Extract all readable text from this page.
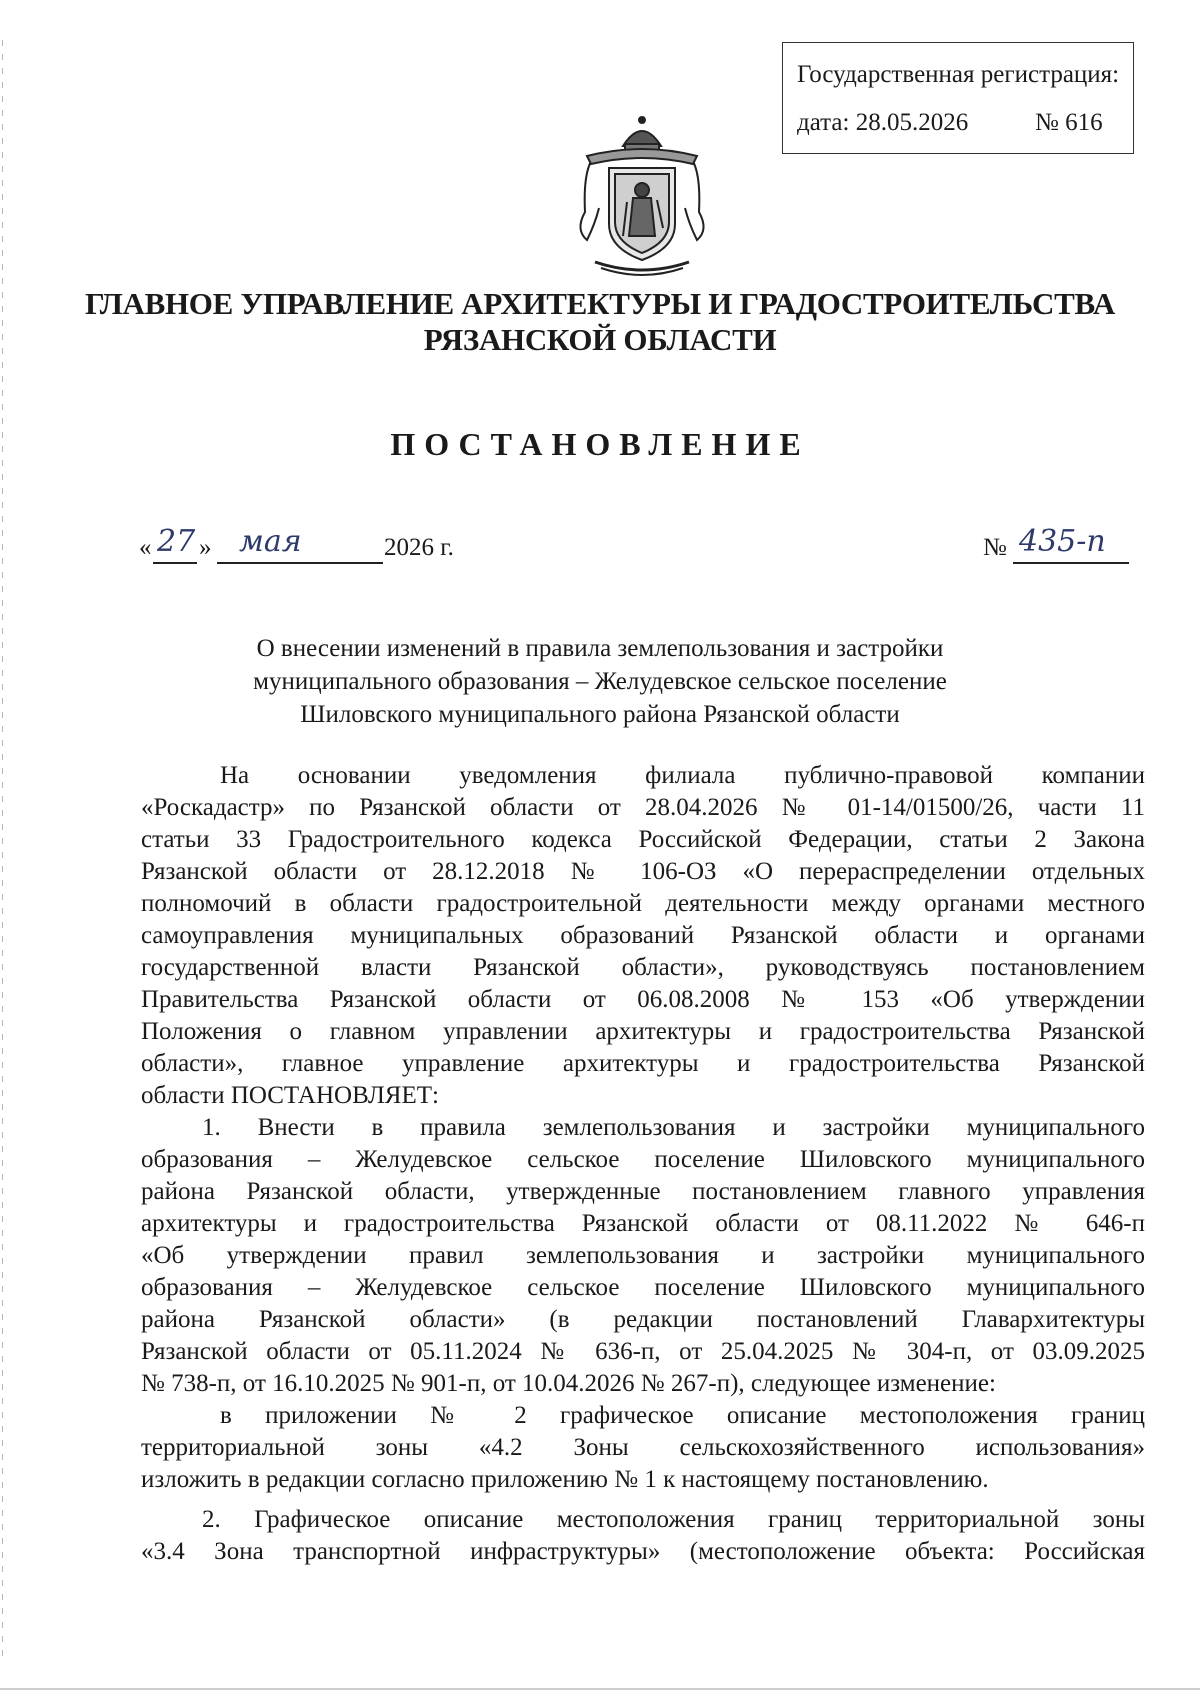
Государственная регистрация:
дата: 28.05.2026	№ 616
ГЛАВНОЕ УПРАВЛЕНИЕ АРХИТЕКТУРЫ И ГРАДОСТРОИТЕЛЬСТВА
РЯЗАНСКОЙ ОБЛАСТИ
ПОСТАНОВЛЕНИЕ
« 27 » мая	2026 г.	№ 435-п
О внесении изменений в правила землепользования и застройки
муниципального образования – Желудевское сельское поселение
Шиловского муниципального района Рязанской области
На основании уведомления филиала публично-правовой компании
«Роскадастр» по Рязанской области от 28.04.2026 № 01-14/01500/26, части 11
статьи 33 Градостроительного кодекса Российской Федерации, статьи 2 Закона
Рязанской области от 28.12.2018 № 106-ОЗ «О перераспределении отдельных
полномочий в области градостроительной деятельности между органами местного
самоуправления муниципальных образований Рязанской области и органами
государственной власти Рязанской области», руководствуясь постановлением
Правительства Рязанской области от 06.08.2008 № 153 «Об утверждении
Положения о главном управлении архитектуры и градостроительства Рязанской
области», главное управление архитектуры и градостроительства Рязанской
области ПОСТАНОВЛЯЕТ:
1. Внести в правила землепользования и застройки муниципального
образования – Желудевское сельское поселение Шиловского муниципального
района Рязанской области, утвержденные постановлением главного управления
архитектуры и градостроительства Рязанской области от 08.11.2022 № 646-п
«Об утверждении правил землепользования и застройки муниципального
образования – Желудевское сельское поселение Шиловского муниципального
района Рязанской области» (в редакции постановлений Главархитектуры
Рязанской области от 05.11.2024 № 636-п, от 25.04.2025 № 304-п, от 03.09.2025
№ 738-п, от 16.10.2025 № 901-п, от 10.04.2026 № 267-п), следующее изменение:
в приложении № 2 графическое описание местоположения границ
территориальной зоны «4.2 Зоны сельскохозяйственного использования»
изложить в редакции согласно приложению № 1 к настоящему постановлению.
2. Графическое описание местоположения границ территориальной зоны
«3.4 Зона транспортной инфраструктуры» (местоположение объекта: Российская
